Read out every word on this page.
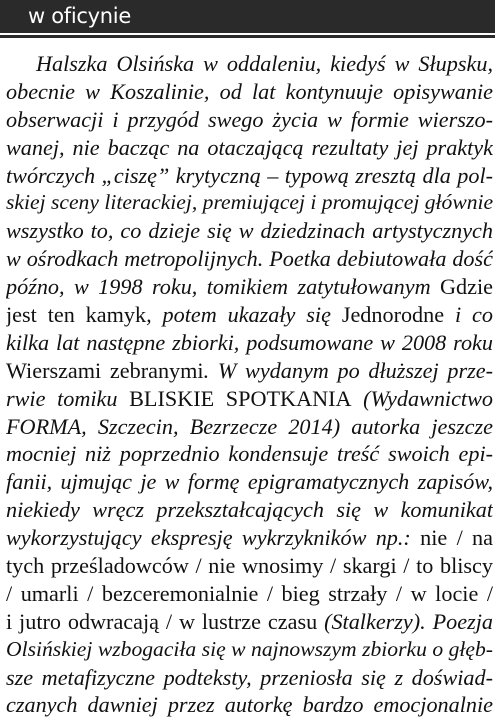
w oficynie
Halszka Olsińska w oddaleniu, kiedyś w Słupsku,
obecnie w Koszalinie, od lat kontynuuje opisywanie
obserwacji i przygód swego życia w formie wierszo-
wanej, nie bacząc na otaczającą rezultaty jej praktyk
twórczych „ciszę” krytyczną – typową zresztą dla pol-
skiej sceny literackiej, premiującej i promującej głównie
wszystko to, co dzieje się w dziedzinach artystycznych
w ośrodkach metropolijnych. Poetka debiutowała dość
późno, w 1998 roku, tomikiem zatytułowanym Gdzie
jest ten kamyk, potem ukazały się Jednorodne i co
kilka lat następne zbiorki, podsumowane w 2008 roku
Wierszami zebranymi. W wydanym po dłuższej prze-
rwie tomiku BLISKIE SPOTKANIA (Wydawnictwo
FORMA, Szczecin, Bezrzecze 2014) autorka jeszcze
mocniej niż poprzednio kondensuje treść swoich epi-
fanii, ujmując je w formę epigramatycznych zapisów,
niekiedy wręcz przekształcających się w komunikat
wykorzystujący ekspresję wykrzykników np.: nie / na
tych prześladowców / nie wnosimy / skargi / to bliscy
/ umarli / bezceremonialnie / bieg strzały / w locie /
i jutro odwracają / w lustrze czasu (Stalkerzy). Poezja
Olsińskiej wzbogaciła się w najnowszym zbiorku o głęb-
sze metafizyczne podteksty, przeniosła się z doświad-
czanych dawniej przez autorkę bardzo emocjonalnie
